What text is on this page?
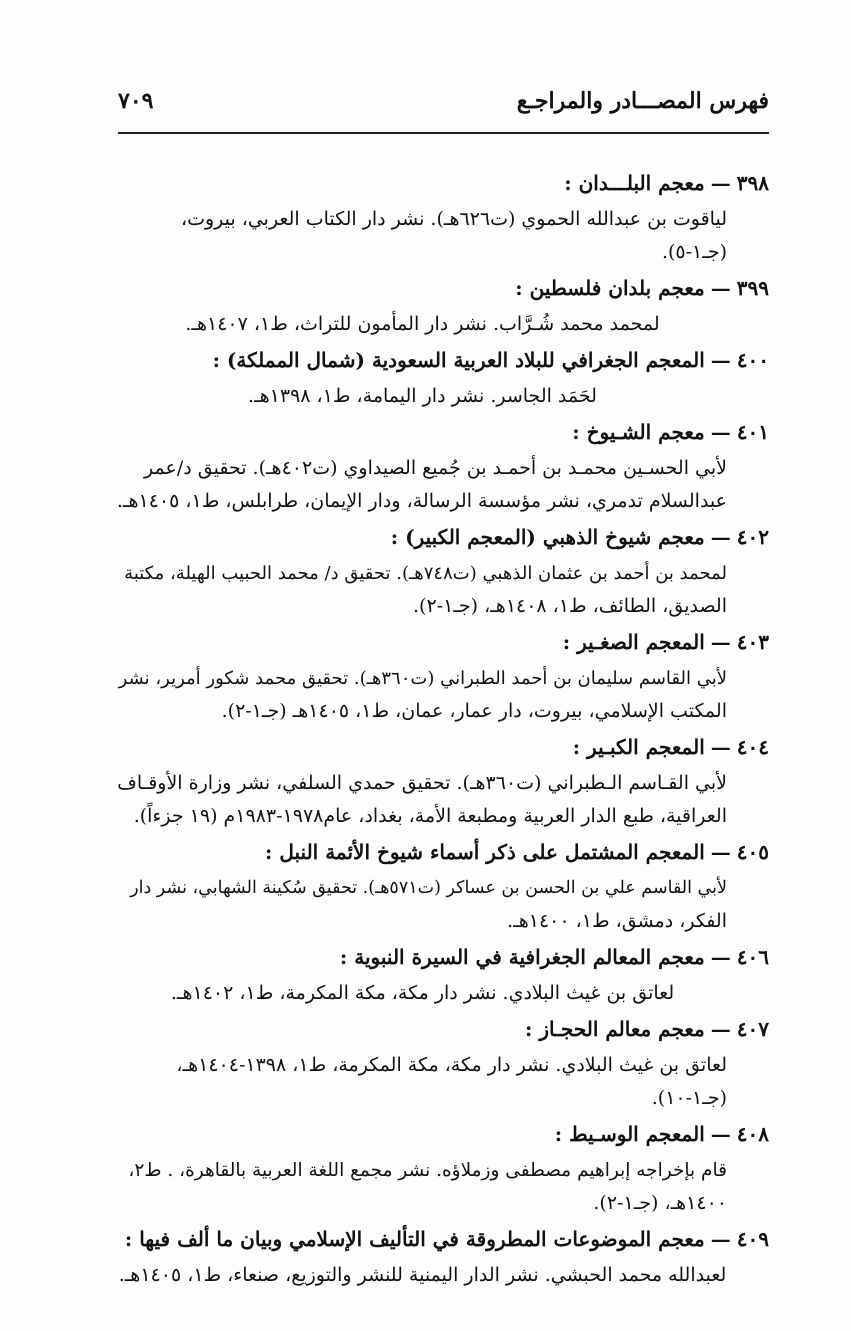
فهرس المصـــادر والمراجـع
٧٠٩
٣٩٨—معجم البلـــدان :
لياقوت بن عبدالله الحموي (ت٦٢٦هـ). نشر دار الكتاب العربي، بيروت،
(جـ١-٥).
٣٩٩—معجم بلدان فلسطين :
لمحمد محمد شُـرَّاب. نشر دار المأمون للتراث، ط١، ١٤٠٧هـ.
٤٠٠—المعجم الجغرافي للبلاد العربية السعودية (شمال المملكة) :
لحَمَد الجاسر. نشر دار اليمامة، ط١، ١٣٩٨هـ.
٤٠١—معجم الشـيوخ :
لأبي الحسـين محمـد بن أحمـد بن جُميع الصيداوي (ت٤٠٢هـ). تحقيق د/عمر
عبدالسلام تدمري، نشر مؤسسة الرسالة، ودار الإيمان، طرابلس، ط١، ١٤٠٥هـ.
٤٠٢—معجم شيوخ الذهبي (المعجم الكبير) :
لمحمد بن أحمد بن عثمان الذهبي (ت٧٤٨هـ). تحقيق د/ محمد الحبيب الهيلة، مكتبة
الصديق، الطائف، ط١، ١٤٠٨هـ، (جـ١-٢).
٤٠٣—المعجم الصغـير :
لأبي القاسم سليمان بن أحمد الطبراني (ت٣٦٠هـ). تحقيق محمد شكور أمرير، نشر
المكتب الإسلامي، بيروت، دار عمار، عمان، ط١، ١٤٠٥هـ (جـ١-٢).
٤٠٤—المعجم الكبـير :
لأبي القـاسم الـطبراني (ت٣٦٠هـ). تحقيق حمدي السلفي، نشر وزارة الأوقـاف
العراقية، طبع الدار العربية ومطبعة الأمة، بغداد، عام١٩٧٨-١٩٨٣م (١٩ جزءاً).
٤٠٥—المعجم المشتمل على ذكر أسماء شيوخ الأئمة النبل :
لأبي القاسم علي بن الحسن بن عساكر (ت٥٧١هـ). تحقيق سُكينة الشهابي، نشر دار
الفكر، دمشق، ط١، ١٤٠٠هـ.
٤٠٦—معجم المعالم الجغرافية في السيرة النبوية :
لعاتق بن غيث البلادي. نشر دار مكة، مكة المكرمة، ط١، ١٤٠٢هـ.
٤٠٧—معجم معالم الحجـاز :
لعاتق بن غيث البلادي. نشر دار مكة، مكة المكرمة، ط١، ١٣٩٨-١٤٠٤هـ،
(جـ١-١٠).
٤٠٨—المعجم الوسـيط :
قام بإخراجه إبراهيم مصطفى وزملاؤه. نشر مجمع اللغة العربية بالقاهرة، . ط٢،
١٤٠٠هـ، (جـ١-٢).
٤٠٩—معجم الموضوعات المطروقة في التأليف الإسلامي وبيان ما ألف فيها :
لعبدالله محمد الحبشي. نشر الدار اليمنية للنشر والتوزيع، صنعاء، ط١، ١٤٠٥هـ.
